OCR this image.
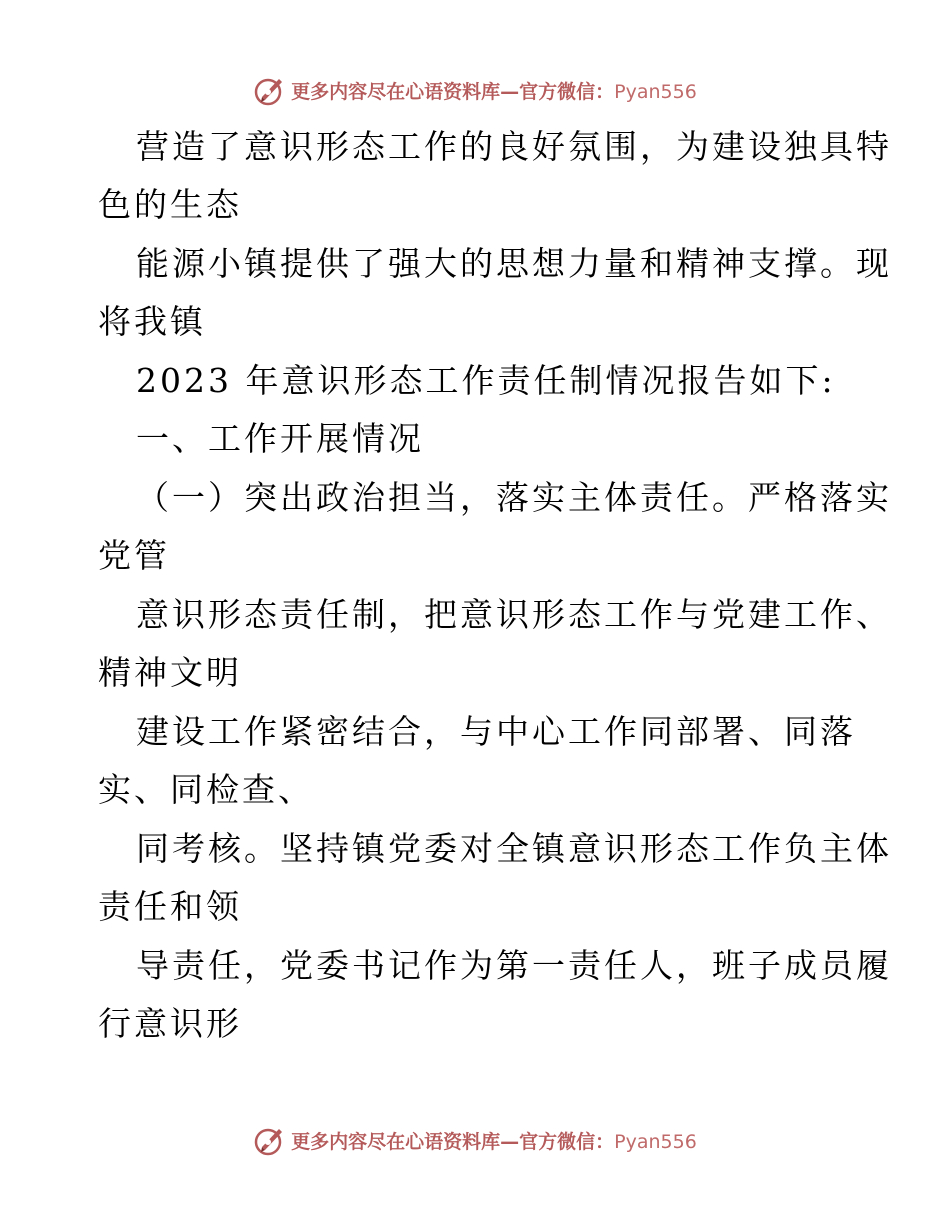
更多内容尽在心语资料库—官方微信：Pyan556
营造了意识形态工作的良好氛围，为建设独具特
色的生态
能源小镇提供了强大的思想力量和精神支撑。现
将我镇
2023 年意识形态工作责任制情况报告如下:
一、工作开展情况
（一）突出政治担当，落实主体责任。严格落实
党管
意识形态责任制，把意识形态工作与党建工作、
精神文明
建设工作紧密结合，与中心工作同部署、同落
实、同检查、
同考核。坚持镇党委对全镇意识形态工作负主体
责任和领
导责任，党委书记作为第一责任人，班子成员履
行意识形
更多内容尽在心语资料库—官方微信：Pyan556
